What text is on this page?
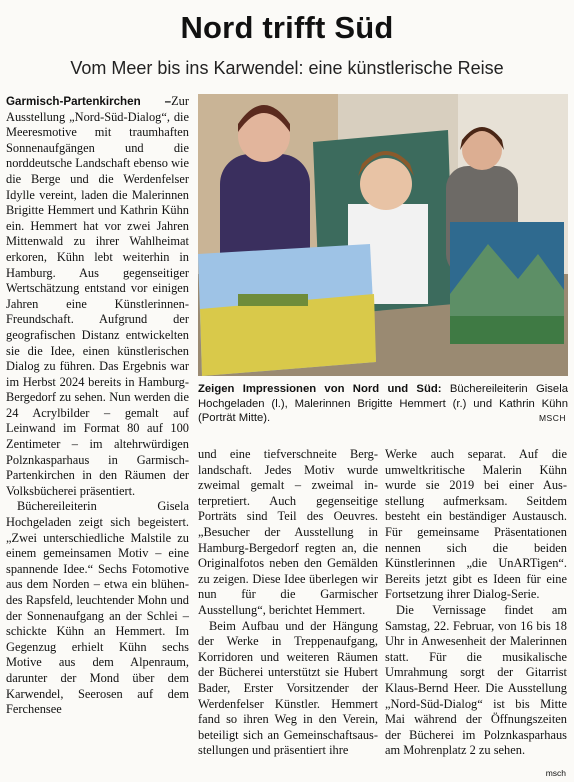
Nord trifft Süd
Vom Meer bis ins Karwendel: eine künstlerische Reise

Garmisch-Partenkirchen –Zur Ausstellung „Nord-Süd-Dialog“, die Meeresmotive mit traumhaften Sonnenaufgängen und die norddeutsche Landschaft ebenso wie die Berge und die Werdenfelser Idylle vereint, laden die Malerinnen Brigitte Hemmert und Kathrin Kühn ein. Hemmert hat vor zwei Jahren Mittenwald zu ihrer Wahlheimat erkoren, Kühn lebt weiterhin in Hamburg. Aus gegenseitiger Wertschätzung entstand vor einigen Jahren eine Künstlerinnen-Freundschaft. Aufgrund der geografischen Distanz entwickelten sie die Idee, einen künstlerischen Dialog zu führen. Das Ergebnis war im Herbst 2024 bereits in Hamburg-Bergedorf zu sehen. Nun werden die 24 Acrylbilder – gemalt auf Leinwand im Format 80 auf 100 Zentimeter – im altehrwürdigen Polznkasparhaus in Garmisch-Partenkirchen in den Räumen der Volksbücherei präsentiert.

Büchereileiterin Gisela Hochgeladen zeigt sich begeistert. „Zwei unterschiedliche Malstile zu einem gemeinsamen Motiv – eine spannende Idee.“ Sechs Fotomotive aus dem Norden – etwa ein blühendes Rapsfeld, leuchtender Mohn und der Sonnenaufgang an der Schlei – schickte Kühn an Hemmert. Im Gegenzug erhielt Kühn sechs Motive aus dem Alpenraum, darunter der Mond über dem Karwendel, Seerosen auf dem Ferchensee

Zeigen Impressionen von Nord und Süd: Büchereileiterin Gisela Hochgeladen (l.), Malerinnen Brigitte Hemmert (r.) und Kathrin Kühn (Porträt Mitte).	MSCH

und eine tiefverschneite Berglandschaft. Jedes Motiv wurde zweimal gemalt – zweimal interpretiert. Auch gegenseitige Porträts sind Teil des Oeuvres. „Besucher der Ausstellung in Hamburg-Bergedorf regten an, die Originalfotos neben den Gemälden zu zeigen. Diese Idee überlegen wir nun für die Garmischer Ausstellung“, berichtet Hemmert.

Beim Aufbau und der Hängung der Werke in Treppenaufgang, Korridoren und weiteren Räumen der Bücherei unterstützt sie Hubert Bader, Erster Vorsitzender der Werdenfelser Künstler. Hemmert fand so ihren Weg in den Verein, beteiligt sich an Gemeinschaftsausstellungen und präsentiert ihre

Werke auch separat. Auf die umweltkritische Malerin Kühn wurde sie 2019 bei einer Ausstellung aufmerksam. Seitdem besteht ein beständiger Austausch. Für gemeinsame Präsentationen nennen sich die beiden Künstlerinnen „die UnARTigen“. Bereits jetzt gibt es Ideen für eine Fortsetzung ihrer Dialog-Serie.

Die Vernissage findet am Samstag, 22. Februar, von 16 bis 18 Uhr in Anwesenheit der Malerinnen statt. Für die musikalische Umrahmung sorgt der Gitarrist Klaus-Bernd Heer. Die Ausstellung „Nord-Süd-Dialog“ ist bis Mitte Mai während der Öffnungszeiten der Bücherei im Polznkasparhaus am Mohrenplatz 2 zu sehen.

msch
